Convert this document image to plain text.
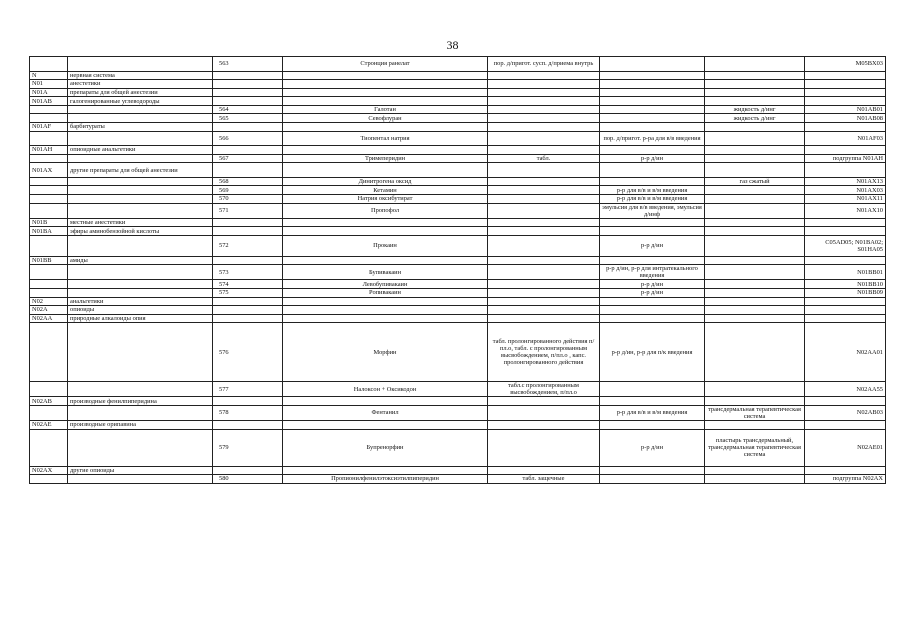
38
		563	Стронция ранелат	пор. д/пригот. сусп. д/приема внутрь			M05BX03
N	нервная система						
N01	анестетики						
N01A	препараты для общей анестезии						
N01AB	галогенированные углеводороды						
		564	Галотан			жидкость д/инг	N01AB01
		565	Севофлуран			жидкость д/инг	N01AB08
N01AF	барбитураты						
		566	Тиопентал натрия		пор. д/пригот. р-ра для в/в введения		N01AF03
N01AH	опиоидные анальгетики						
		567	Тримеперидин	табл.	р-р д/ин		подгруппа N01AH
N01AX	другие препараты для общей анестезии						
		568	Динитрогена оксид			газ сжатый	N01AX13
		569	Кетамин		р-р для в/в и в/м введения		N01AX03
		570	Натрия оксибутират		р-р для в/в и в/м введения		N01AX11
		571	Пропофол		эмульсия для в/в введения, эмульсия д/инф		N01AX10
N01B	местные анестетики						
N01BA	эфиры аминобензойной кислоты						
		572	Прокаин		р-р д/ин		C05AD05; N01BA02; S01HA05
N01BB	амиды						
		573	Бупивакаин		р-р д/ин, р-р для интратекального введения		N01BB01
		574	Левобупивакаин		р-р д/ин		N01BB10
		575	Ропивакаин		р-р д/ин		N01BB09
N02	анальгетики						
N02A	опиоиды						
N02AA	природные алкалоиды опия						
		576	Морфин	табл. пролонгированного действия п/пл.о, табл. с пролонгированным высвобождением, п/пл.о , капс. пролонгированного действия	р-р д/ин, р-р для п/к введения		N02AA01
		577	Налоксон + Оксикодон	табл.с пролонгированным высвобождением, п/пл.о			N02AA55
N02AB	производные фенилпиперидина						
		578	Фентанил		р-р для в/в и в/м введения	трансдермальная терапевтическая система	N02AB03
N02AE	производные орипавина						
		579	Бупренорфин		р-р д/ин	пластырь трансдермальный, трансдермальная терапевтическая система	N02AE01
N02AX	другие опиоиды						
		580	Пропионилфенилэтоксиэтилпиперидин	табл. защечные			подгруппа N02AX
